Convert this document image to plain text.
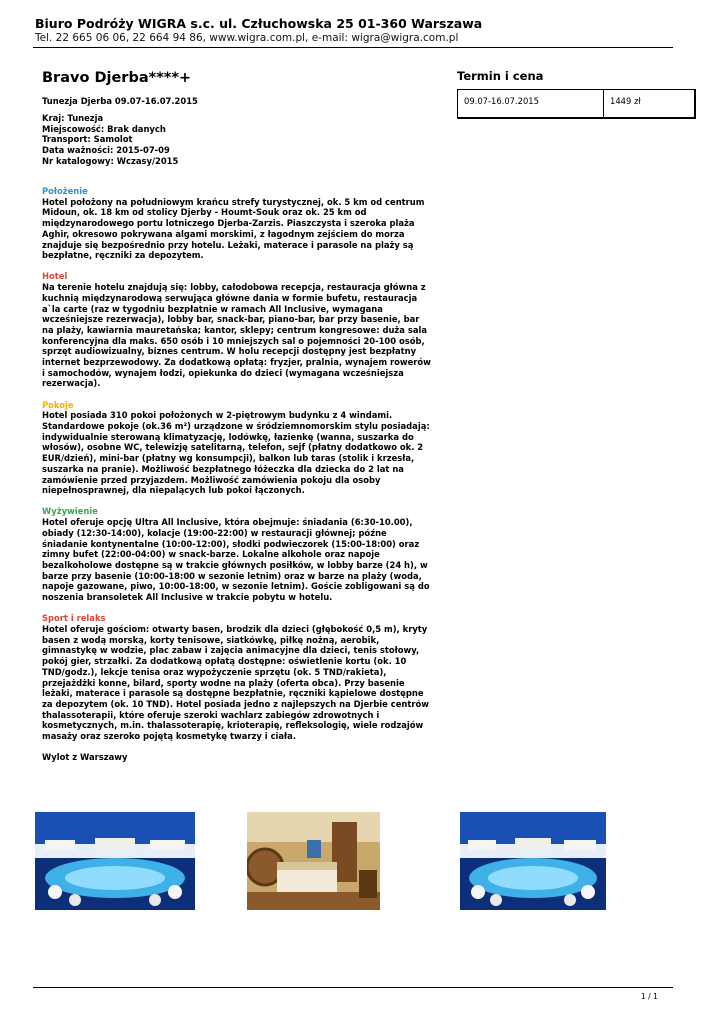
Biuro Podróży WIGRA s.c. ul. Człuchowska 25 01-360 Warszawa
Tel. 22 665 06 06, 22 664 94 86, www.wigra.com.pl, e-mail: wigra@wigra.com.pl
Bravo Djerba****+
Tunezja Djerba 09.07-16.07.2015
Kraj: Tunezja
Miejscowość: Brak danych
Transport: Samolot
Data ważności: 2015-07-09
Nr katalogowy: Wczasy/2015
Położenie
Hotel położony na południowym krańcu strefy turystycznej, ok. 5 km od centrum
Midoun, ok. 18 km od stolicy Djerby - Houmt-Souk oraz ok. 25 km od
międzynarodowego portu lotniczego Djerba-Zarzis. Piaszczysta i szeroka plaża
Aghir, okresowo pokrywana algami morskimi, z łagodnym zejściem do morza
znajduje się bezpośrednio przy hotelu. Leżaki, materace i parasole na plaży są
bezpłatne, ręczniki za depozytem.
Hotel
Na terenie hotelu znajdują się: lobby, całodobowa recepcja, restauracja główna z
kuchnią międzynarodową serwująca główne dania w formie bufetu, restauracja
a`la carte (raz w tygodniu bezpłatnie w ramach All Inclusive, wymagana
wcześniejsze rezerwacja), lobby bar, snack-bar, piano-bar, bar przy basenie, bar
na plaży, kawiarnia mauretańska; kantor, sklepy; centrum kongresowe: duża sala
konferencyjna dla maks. 650 osób i 10 mniejszych sal o pojemności 20-100 osób,
sprzęt audiowizualny, biznes centrum. W holu recepcji dostępny jest bezpłatny
internet bezprzewodowy. Za dodatkową opłatą: fryzjer, pralnia, wynajem rowerów
i samochodów, wynajem łodzi, opiekunka do dzieci (wymagana wcześniejsza
rezerwacja).
Pokoje
Hotel posiada 310 pokoi położonych w 2-piętrowym budynku z 4 windami.
Standardowe pokoje (ok.36 m²) urządzone w śródziemnomorskim stylu posiadają:
indywidualnie sterowaną klimatyzację, lodówkę, łazienkę (wanna, suszarka do
włosów), osobne WC, telewizję satelitarną, telefon, sejf (płatny dodatkowo ok. 2
EUR/dzień), mini-bar (płatny wg konsumpcji), balkon lub taras (stolik i krzesła,
suszarka na pranie). Możliwość bezpłatnego łóżeczka dla dziecka do 2 lat na
zamówienie przed przyjazdem. Możliwość zamówienia pokoju dla osoby
niepełnosprawnej, dla niepalących lub pokoi łączonych.
Wyżywienie
Hotel oferuje opcję Ultra All Inclusive, która obejmuje: śniadania (6:30-10.00),
obiady (12:30-14:00), kolacje (19:00-22:00) w restauracji głównej; późne
śniadanie kontynentalne (10:00-12:00), słodki podwieczorek (15:00-18:00) oraz
zimny bufet (22:00-04:00) w snack-barze. Lokalne alkohole oraz napoje
bezalkoholowe dostępne są w trakcie głównych posiłków, w lobby barze (24 h), w
barze przy basenie (10:00-18:00 w sezonie letnim) oraz w barze na plaży (woda,
napoje gazowane, piwo, 10:00-18:00, w sezonie letnim). Goście zobligowani są do
noszenia bransoletek All Inclusive w trakcie pobytu w hotelu.
Sport i relaks
Hotel oferuje gościom: otwarty basen, brodzik dla dzieci (głębokość 0,5 m), kryty
basen z wodą morską, korty tenisowe, siatkówkę, piłkę nożną, aerobik,
gimnastykę w wodzie, plac zabaw i zajęcia animacyjne dla dzieci, tenis stołowy,
pokój gier, strzałki. Za dodatkową opłatą dostępne: oświetlenie kortu (ok. 10
TND/godz.), lekcje tenisa oraz wypożyczenie sprzętu (ok. 5 TND/rakieta),
przejażdżki konne, bilard, sporty wodne na plaży (oferta obca). Przy basenie
leżaki, materace i parasole są dostępne bezpłatnie, ręczniki kąpielowe dostępne
za depozytem (ok. 10 TND). Hotel posiada jedno z najlepszych na Djerbie centrów
thalassoterapii, które oferuje szeroki wachlarz zabiegów zdrowotnych i
kosmetycznych, m.in. thalassoterapię, krioterapię, refleksologię, wiele rodzajów
masaży oraz szeroko pojętą kosmetykę twarzy i ciała.
Wylot z Warszawy
Termin i cena
09.07-16.07.2015	1449 zł
1 / 1
